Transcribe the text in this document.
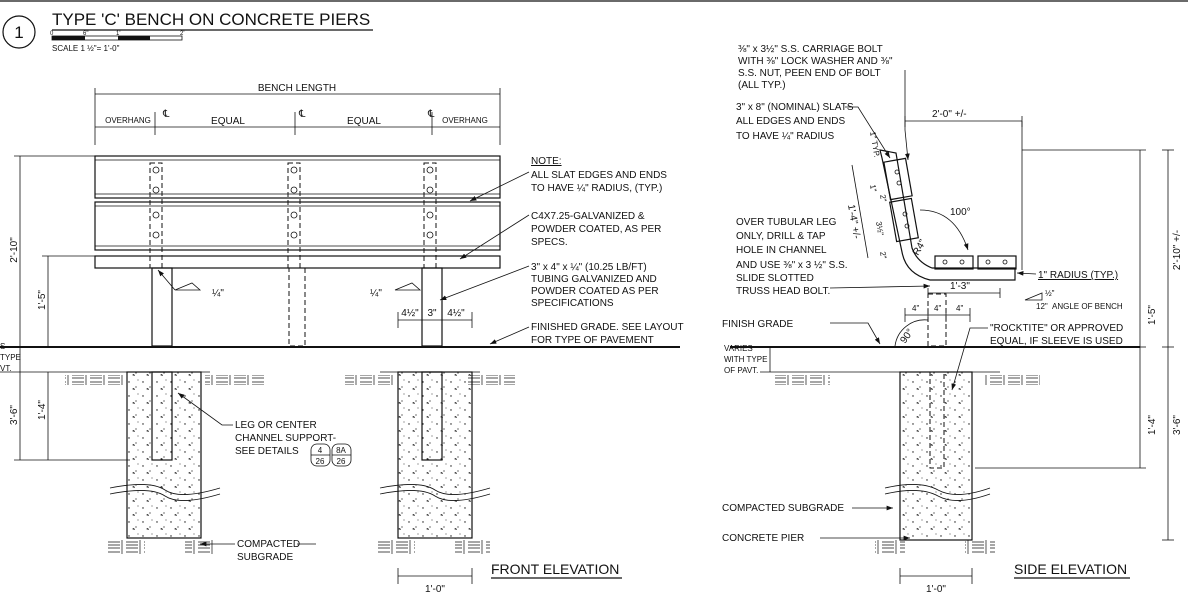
1
TYPE 'C' BENCH ON CONCRETE PIERS
0	6"	1'	2'
SCALE 1 ½"= 1'-0"
BENCH LENGTH
OVERHANG
℄
EQUAL
℄
EQUAL
℄
OVERHANG
2'-10"
1'-5"
3'-6" 1'-4"
S
TYPE
VT.
¼"	¼"
4½" 3" 4½"
1'-0"
NOTE:
ALL SLAT EDGES AND ENDS
TO HAVE ¼" RADIUS, (TYP.)
C4X7.25-GALVANIZED &
POWDER COATED, AS PER
SPECS.
3" x 4" x ¼" (10.25 LB/FT)
TUBING GALVANIZED AND
POWDER COATED AS PER
SPECIFICATIONS
FINISHED GRADE. SEE LAYOUT
FOR TYPE OF PAVEMENT
LEG OR CENTER
CHANNEL SUPPORT-
SEE DETAILS 4
26
8A
26
COMPACTED
SUBGRADE
FRONT ELEVATION
⅜" x 3½" S.S. CARRIAGE BOLT
WITH ⅜" LOCK WASHER AND ⅜"
S.S. NUT, PEEN END OF BOLT
(ALL TYP.)
3" x 8" (NOMINAL) SLATS
ALL EDGES AND ENDS
TO HAVE ¼" RADIUS
2'-0" +/-
100°
R4"
1'-4" +/-
1" TYP.
1"
2"
3½"
2"
OVER TUBULAR LEG
ONLY, DRILL & TAP
HOLE IN CHANNEL
AND USE ⅜" x 3 ½" S.S.
SLIDE SLOTTED
TRUSS HEAD BOLT.
1" RADIUS (TYP.)
½"
12" ANGLE OF BENCH
1'-3"
4" 4" 4"
90°
FINISH GRADE
VARIES
WITH TYPE
OF PAVT.
"ROCKTITE" OR APPROVED
EQUAL, IF SLEEVE IS USED
COMPACTED SUBGRADE
CONCRETE PIER
1'-0"
2'-10" +/-
1'-5"
3'-6"
1'-4"
SIDE ELEVATION
